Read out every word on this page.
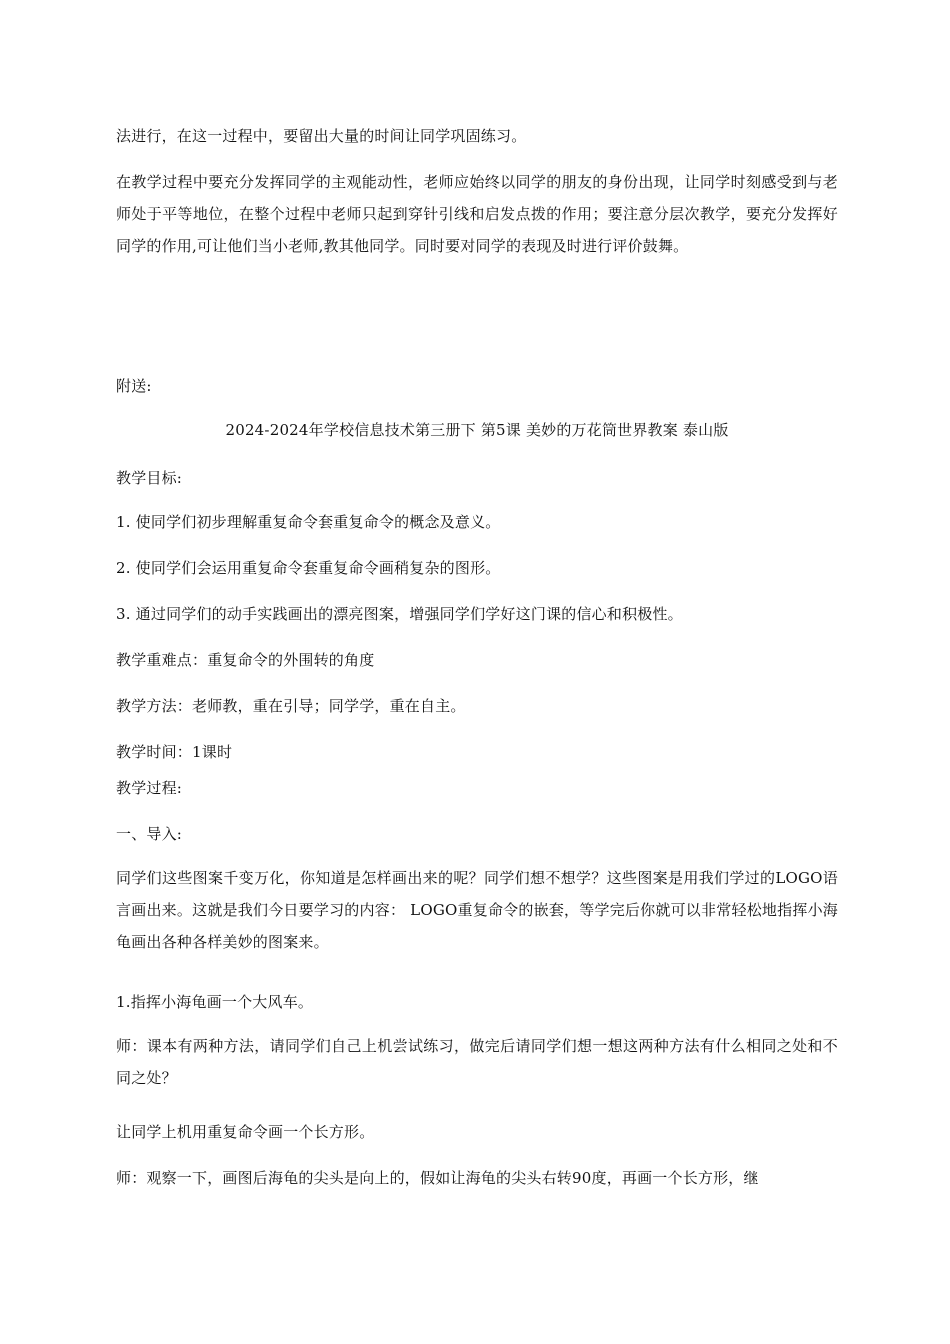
法进行，在这一过程中，要留出大量的时间让同学巩固练习。
在教学过程中要充分发挥同学的主观能动性，老师应始终以同学的朋友的身份出现，让同学时刻感受到与老师处于平等地位，在整个过程中老师只起到穿针引线和启发点拨的作用；要注意分层次教学，要充分发挥好同学的作用,可让他们当小老师,教其他同学。同时要对同学的表现及时进行评价鼓舞。
附送:
2024-2024年学校信息技术第三册下 第5课 美妙的万花筒世界教案 泰山版
教学目标:
1. 使同学们初步理解重复命令套重复命令的概念及意义。
2. 使同学们会运用重复命令套重复命令画稍复杂的图形。
3. 通过同学们的动手实践画出的漂亮图案，增强同学们学好这门课的信心和积极性。
教学重难点：重复命令的外围转的角度
教学方法：老师教，重在引导；同学学，重在自主。
教学时间：1课时
教学过程:
一、导入:
同学们这些图案千变万化，你知道是怎样画出来的呢？同学们想不想学？这些图案是用我们学过的LOGO语言画出来。这就是我们今日要学习的内容： LOGO重复命令的嵌套，等学完后你就可以非常轻松地指挥小海龟画出各种各样美妙的图案来。
1.指挥小海龟画一个大风车。
师：课本有两种方法，请同学们自己上机尝试练习，做完后请同学们想一想这两种方法有什么相同之处和不同之处？
让同学上机用重复命令画一个长方形。
师：观察一下，画图后海龟的尖头是向上的，假如让海龟的尖头右转90度，再画一个长方形，继
